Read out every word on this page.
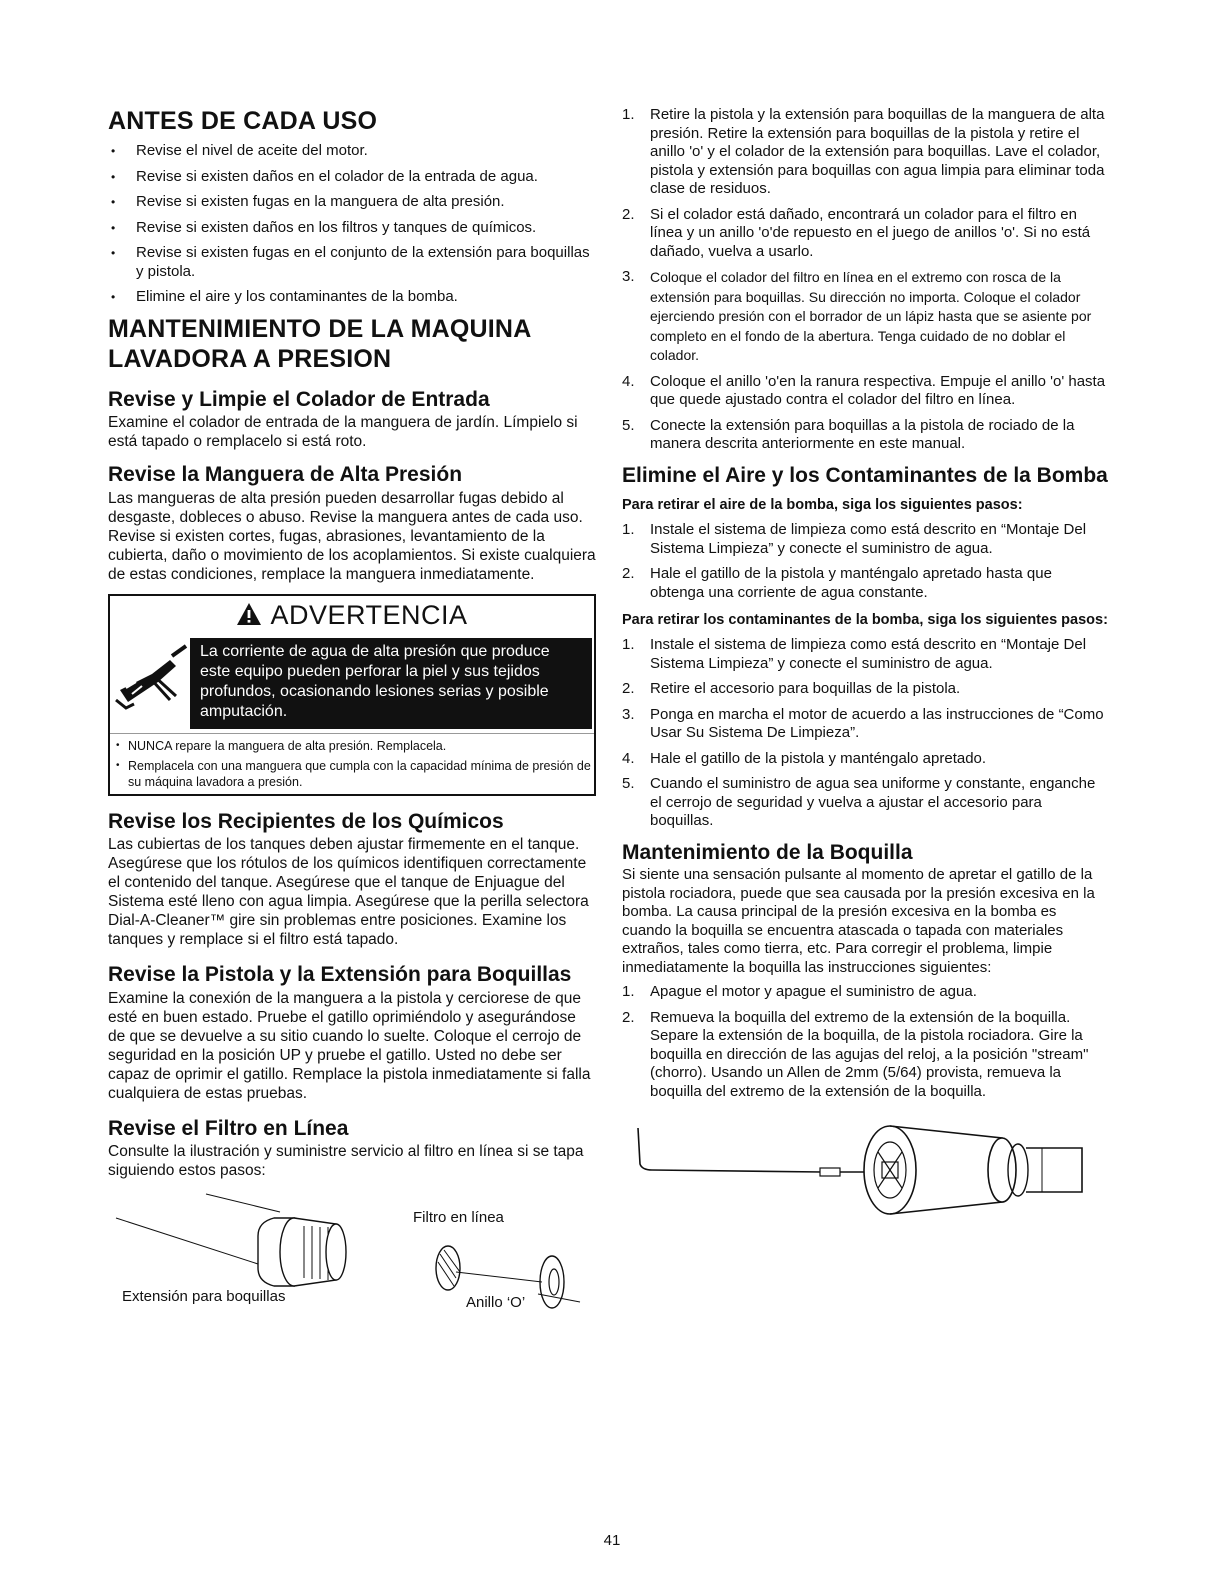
ANTES DE CADA USO
• Revise el nivel de aceite del motor.
• Revise si existen daños en el colador de la entrada de agua.
• Revise si existen fugas en la manguera de alta presión.
• Revise si existen daños en los filtros y tanques de químicos.
• Revise si existen fugas en el conjunto de la extensión para boquillas y pistola.
• Elimine el aire y los contaminantes de la bomba.
MANTENIMIENTO DE LA MAQUINA LAVADORA A PRESION
Revise y Limpie el Colador de Entrada

Examine el colador de entrada de la manguera de jardín. Límpielo si está tapado o remplacelo si está roto.

Revise la Manguera de Alta Presión

Las mangueras de alta presión pueden desarrollar fugas debido al desgaste, dobleces o abuso. Revise la manguera antes de cada uso. Revise si existen cortes, fugas, abrasiones, levantamiento de la cubierta, daño o movimiento de los acoplamientos. Si existe cualquiera de estas condiciones, remplace la manguera inmediatamente.

ADVERTENCIA
La corriente de agua de alta presión que produce este equipo pueden perforar la piel y sus tejidos profundos, ocasionando lesiones serias y posible amputación.
• NUNCA repare la manguera de alta presión. Remplacela.
• Remplacela con una manguera que cumpla con la capacidad mínima de presión de su máquina lavadora a presión.
Revise los Recipientes de los Químicos

Las cubiertas de los tanques deben ajustar firmemente en el tanque. Asegúrese que los rótulos de los químicos identifiquen correctamente el contenido del tanque. Asegúrese que el tanque de Enjuague del Sistema esté lleno con agua limpia. Asegúrese que la perilla selectora Dial-A-Cleaner™ gire sin problemas entre posiciones. Examine los tanques y remplace si el filtro está tapado.

Revise la Pistola y la Extensión para Boquillas

Examine la conexión de la manguera a la pistola y cerciorese de que esté en buen estado. Pruebe el gatillo oprimiéndolo y asegurándose de que se devuelve a su sitio cuando lo suelte. Coloque el cerrojo de seguridad en la posición UP y pruebe el gatillo. Usted no debe ser capaz de oprimir el gatillo. Remplace la pistola inmediatamente si falla cualquiera de estas pruebas.

Revise el Filtro en Línea

Consulte la ilustración y suministre servicio al filtro en línea si se tapa siguiendo estos pasos:

Filtro en línea
Extensión para boquillas	Anillo ‘O’
1. Retire la pistola y la extensión para boquillas de la manguera de alta presión. Retire la extensión para boquillas de la pistola y retire el anillo 'o' y el colador de la extensión para boquillas. Lave el colador, pistola y extensión para boquillas con agua limpia para eliminar toda clase de residuos.
2. Si el colador está dañado, encontrará un colador para el filtro en línea y un anillo 'o'de repuesto en el juego de anillos 'o'. Si no está dañado, vuelva a usarlo.
3. Coloque el colador del filtro en línea en el extremo con rosca de la extensión para boquillas. Su dirección no importa. Coloque el colador ejerciendo presión con el borrador de un lápiz hasta que se asiente por completo en el fondo de la abertura. Tenga cuidado de no doblar el colador.
4. Coloque el anillo 'o'en la ranura respectiva. Empuje el anillo 'o' hasta que quede ajustado contra el colador del filtro en línea.
5. Conecte la extensión para boquillas a la pistola de rociado de la manera descrita anteriormente en este manual.
Elimine el Aire y los Contaminantes de la Bomba
Para retirar el aire de la bomba, siga los siguientes pasos:
1. Instale el sistema de limpieza como está descrito en “Montaje Del Sistema Limpieza” y conecte el suministro de agua.
2. Hale el gatillo de la pistola y manténgalo apretado hasta que obtenga una corriente de agua constante.
Para retirar los contaminantes de la bomba, siga los siguientes pasos:
1. Instale el sistema de limpieza como está descrito en “Montaje Del Sistema Limpieza” y conecte el suministro de agua.
2. Retire el accesorio para boquillas de la pistola.
3. Ponga en marcha el motor de acuerdo a las instrucciones de “Como Usar Su Sistema De Limpieza”.
4. Hale el gatillo de la pistola y manténgalo apretado.
5. Cuando el suministro de agua sea uniforme y constante, enganche el cerrojo de seguridad y vuelva a ajustar el accesorio para boquillas.
Mantenimiento de la Boquilla

Si siente una sensación pulsante al momento de apretar el gatillo de la pistola rociadora, puede que sea causada por la presión excesiva en la bomba. La causa principal de la presión excesiva en la bomba es cuando la boquilla se encuentra atascada o tapada con materiales extraños, tales como tierra, etc. Para corregir el problema, limpie inmediatamente la boquilla las instrucciones siguientes:

1. Apague el motor y apague el suministro de agua.
2. Remueva la boquilla del extremo de la extensión de la boquilla. Separe la extensión de la boquilla, de la pistola rociadora. Gire la boquilla en dirección de las agujas del reloj, a la posición "stream" (chorro). Usando un Allen de 2mm (5/64) provista, remueva la boquilla del extremo de la extensión de la boquilla.
41
